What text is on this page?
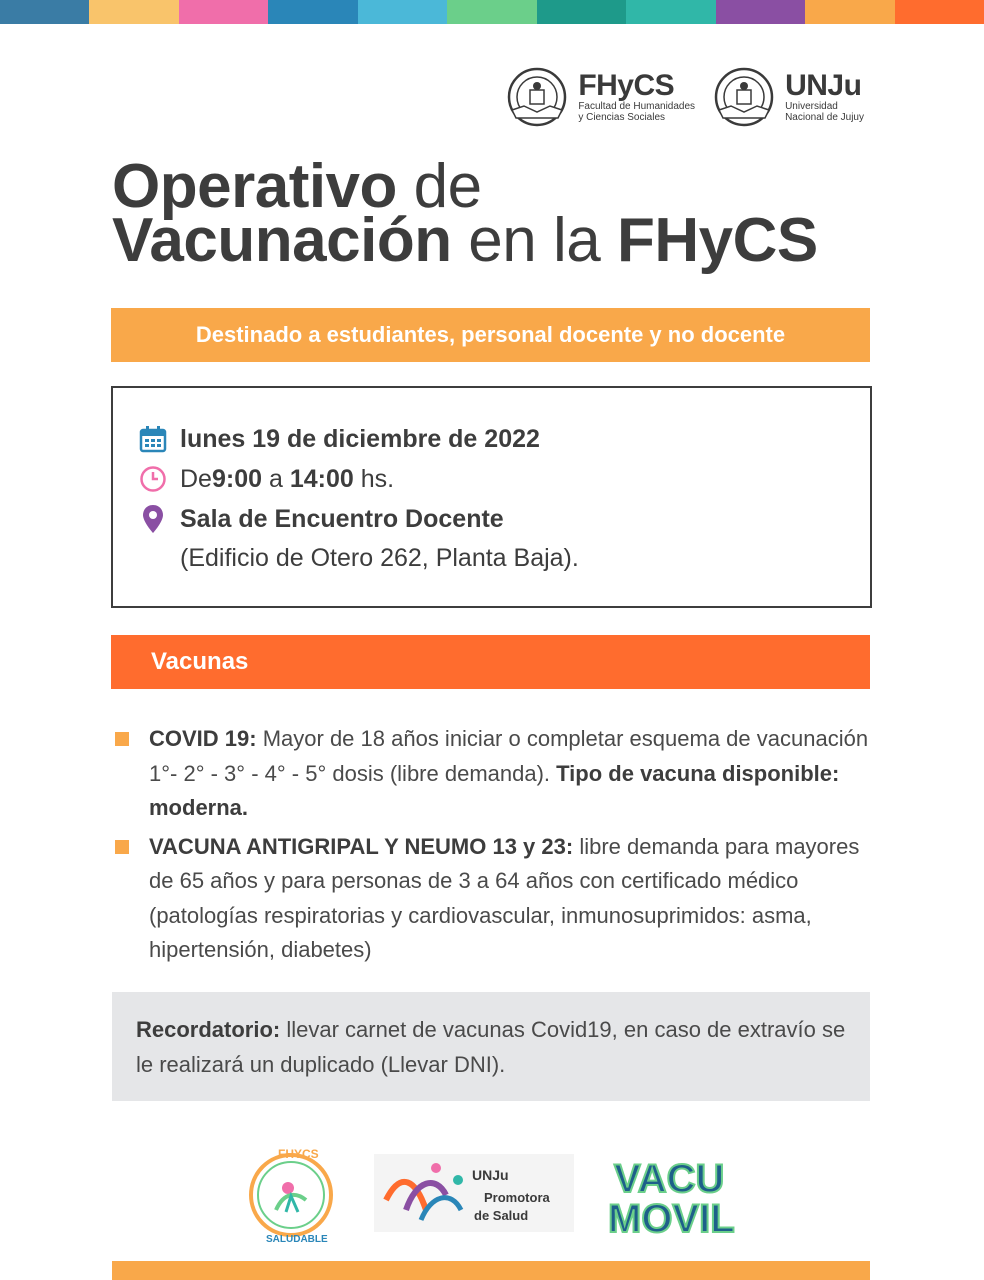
FHyCS
Facultad de Humanidades
y Ciencias Sociales
UNJu
Universidad
Nacional de Jujuy
Operativo de
Vacunación en la FHyCS
Destinado a estudiantes, personal docente y no docente
lunes 19 de diciembre de 2022
De 9:00 a 14:00 hs.
Sala de Encuentro Docente
(Edificio de Otero 262, Planta Baja).
Vacunas
COVID 19: Mayor de 18 años iniciar o completar esquema de vacunación 1°- 2° - 3° - 4° - 5° dosis (libre demanda). Tipo de vacuna disponible: moderna.
VACUNA ANTIGRIPAL Y NEUMO 13 y 23: libre demanda para mayores de 65 años y para personas de 3 a 64 años con certificado médico (patologías respiratorias y cardiovascular, inmunosuprimidos: asma, hipertensión, diabetes)
Recordatorio: llevar carnet de vacunas Covid19, en caso de extravío se le realizará un duplicado (Llevar DNI).
FHYCS
SALUDABLE
UNJu
Promotora
de Salud
VACU
MOVIL
